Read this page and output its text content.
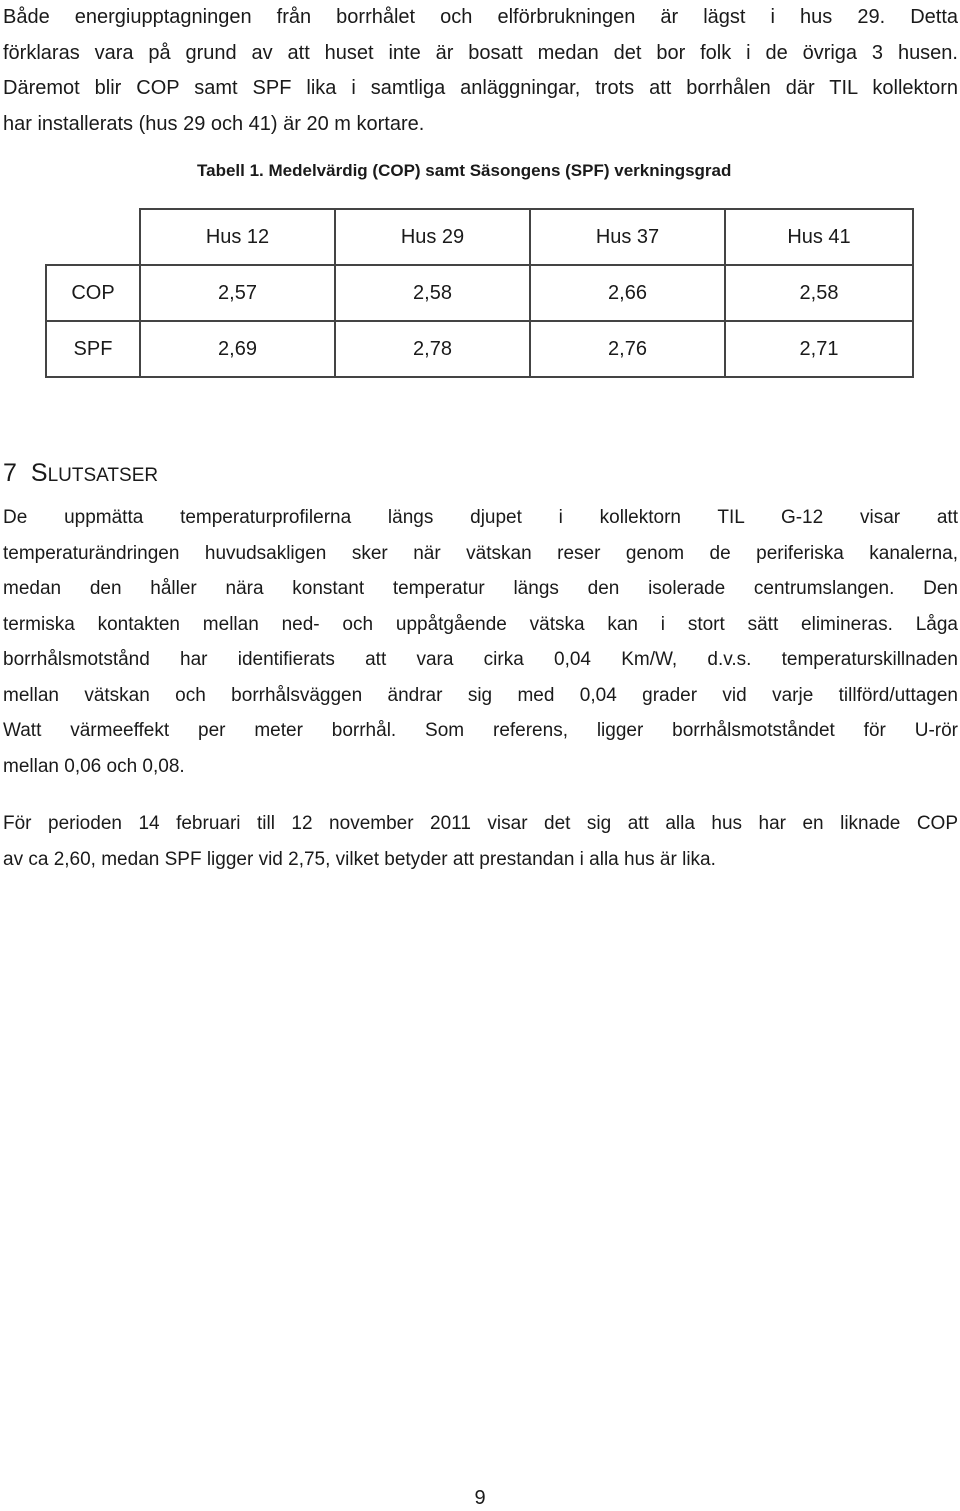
Både energiupptagningen från borrhålet och elförbrukningen är lägst i hus 29. Detta
förklaras vara på grund av att huset inte är bosatt medan det bor folk i de övriga 3 husen.
Däremot blir COP samt SPF lika i samtliga anläggningar, trots att borrhålen där TIL kollektorn
har installerats (hus 29 och 41) är 20 m kortare.
Tabell 1. Medelvärdig (COP) samt Säsongens (SPF) verkningsgrad
	Hus 12	Hus 29	Hus 37	Hus 41
COP	2,57	2,58	2,66	2,58
SPF	2,69	2,78	2,76	2,71
7 SLUTSATSER
De uppmätta temperaturprofilerna längs djupet i kollektorn TIL G-12 visar att
temperaturändringen huvudsakligen sker när vätskan reser genom de periferiska kanalerna,
medan den håller nära konstant temperatur längs den isolerade centrumslangen. Den
termiska kontakten mellan ned- och uppåtgående vätska kan i stort sätt elimineras. Låga
borrhålsmotstånd har identifierats att vara cirka 0,04 Km/W, d.v.s. temperaturskillnaden
mellan vätskan och borrhålsväggen ändrar sig med 0,04 grader vid varje tillförd/uttagen
Watt värmeeffekt per meter borrhål. Som referens, ligger borrhålsmotståndet för U-rör
mellan 0,06 och 0,08.
För perioden 14 februari till 12 november 2011 visar det sig att alla hus har en liknade COP
av ca 2,60, medan SPF ligger vid 2,75, vilket betyder att prestandan i alla hus är lika.
9
